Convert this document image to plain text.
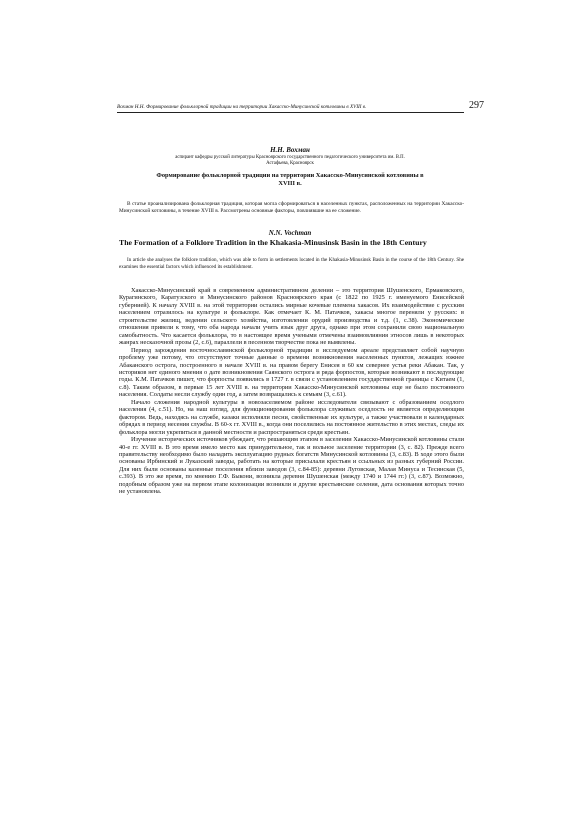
Вохман Н.Н. Формирование фольклорной традиции на территории Хакасско-Минусинской котловины в XVIII в.	297
Н.Н. Вохман
аспирант кафедры русской литературы Красноярского государственного педагогического университета им. В.П. Астафьева, Красноярск
Формирование фольклорной традиции на территории Хакасско-Минусинской котловины в XVIII в.
В статье проанализирована фольклорная традиция, которая могла сформироваться в населенных пунктах, расположенных на территории Хакасско-Минусинской котловины, в течение XVIII в. Рассмотрены основные факторы, повлиявшие на ее сложение.
N.N. Vochman
The Formation of a Folklore Tradition in the Khakasia-Minusinsk Basin in the 18th Century
In article she analyses the folklore tradition, which was able to form in settlements located in the Khakasia-Minusinsk Basin in the course of the 18th Century. She examines the essential factors which influenced its establishment.

Хакасско-Минусинский край в современном административном делении – это территория Шушенского, Ермаковского, Курагинского, Каратузского и Минусинского районов Красноярского края (с 1822 по 1925 г. именуемого Енисейской губернией). К началу XVIII в. на этой территории остались мирные кочевые племена хакасов. Их взаимодействие с русским населением отразилось на культуре и фольклоре. Как отмечает К. М. Патачков, хакасы многое переняли у русских: в строительстве жилищ, ведении сельского хозяйства, изготовлении орудий производства и т.д. (1, с.38). Экономические отношения привели к тому, что оба народа начали учить язык друг друга, однако при этом сохранили свою национальную самобытность. Что касается фольклора, то в настоящее время учеными отмечены взаимовлияния этносов лишь в некоторых жанрах несказочной прозы (2, с.6), параллели в песенном творчестве пока не выявлены.

Период зарождения восточнославянской фольклорной традиции в исследуемом ареале представляет собой научную проблему уже потому, что отсутствуют точные данные о времени возникновения населенных пунктов, лежащих южнее Абаканского острога, построенного в начале XVIII в. на правом берегу Енисея в 60 км севернее устья реки Абакан. Так, у историков нет единого мнения о дате возникновения Саянского острога и ряда форпостов, которые возникают в последующие годы. К.М. Патачков пишет, что форпосты появились в 1727 г. в связи с установлением государственной границы с Китаем (1, с.8). Таким образом, в первые 15 лет XVIII в. на территории Хакасско-Минусинской котловины еще не было постоянного населения. Солдаты несли службу один год, а затем возвращались к семьям (3, с.61).

Начало сложения народной культуры в новозаселяемом районе исследователи связывают с образованием оседлого населения (4, с.51). Но, на наш взгляд, для функционирования фольклора служивых оседлость не является определяющим фактором. Ведь, находясь на службе, казаки исполняли песни, свойственные их культуре, а также участвовали в календарных обрядах в период несения службы. В 60-х гг. XVIII в., когда они поселились на постоянное жительство в этих местах, следы их фольклора могли укрепиться в данной местности и распространяться среди крестьян.

Изучение исторических источников убеждает, что решающим этапом в заселении Хакасско-Минусинской котловины стали 40-е гг. XVIII в. В это время имело место как принудительное, так и вольное заселение территории (3, с. 82). Прежде всего правительству необходимо было наладить эксплуатацию рудных богатств Минусинской котловины (3, с.83). В ходе этого были основаны Ирбинский и Луказский заводы, работать на которые присылали крестьян и ссыльных из разных губерний России. Для них были основаны казенные поселения вблизи заводов (3, с.84-85): деревни Луговская, Малая Минуса и Тесинская (5, с.393). В это же время, по мнению Г.Ф. Быкони, возникла деревня Шушенская (между 1740 и 1744 гг.) (3, с.87). Возможно, подобным образом уже на первом этапе колонизации возникли и другие крестьянские селения, дата основания которых точно не установлена.
